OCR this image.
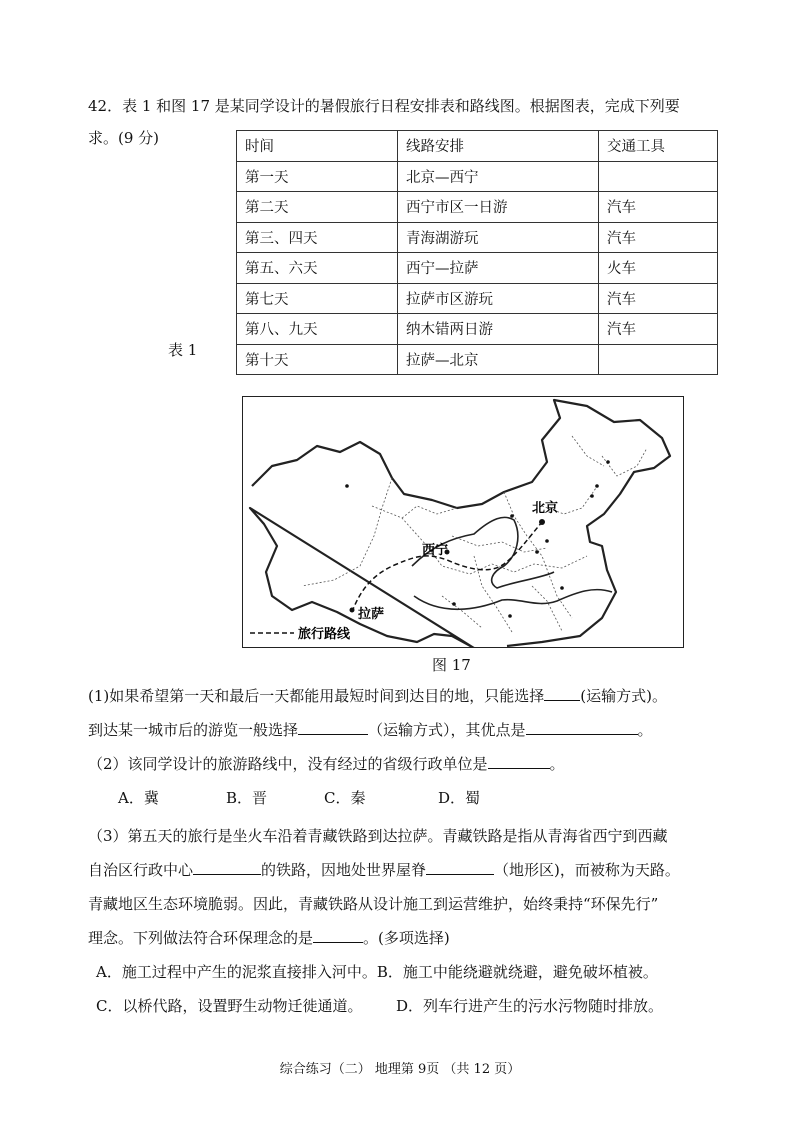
42．表 1 和图 17 是某同学设计的暑假旅行日程安排表和路线图。根据图表，完成下列要
求。(9 分)
时间	线路安排	交通工具
第一天	北京—西宁	
第二天	西宁市区一日游	汽车
第三、四天	青海湖游玩	汽车
第五、六天	西宁—拉萨	火车
第七天	拉萨市区游玩	汽车
第八、九天	纳木错两日游	汽车
第十天	拉萨—北京	
表 1
北京
西宁
拉萨
旅行路线
图 17
(1)如果希望第一天和最后一天都能用最短时间到达目的地，只能选择 (运输方式)。
到达某一城市后的游览一般选择	（运输方式），其优点是	。
（2）该同学设计的旅游路线中，没有经过的省级行政单位是	。
A．冀	B．晋	C．秦	D．蜀
（3）第五天的旅行是坐火车沿着青藏铁路到达拉萨。青藏铁路是指从青海省西宁到西藏
自治区行政中心	的铁路，因地处世界屋脊	（地形区)，而被称为天路。
青藏地区生态环境脆弱。因此，青藏铁路从设计施工到运营维护，始终秉持“环保先行”
理念。下列做法符合环保理念的是	。(多项选择)
A．施工过程中产生的泥浆直接排入河中。B．施工中能绕避就绕避，避免破坏植被。
C．以桥代路，设置野生动物迁徙通道。 D．列车行进产生的污水污物随时排放。
综合练习（二） 地理第 9页 （共 12 页）
